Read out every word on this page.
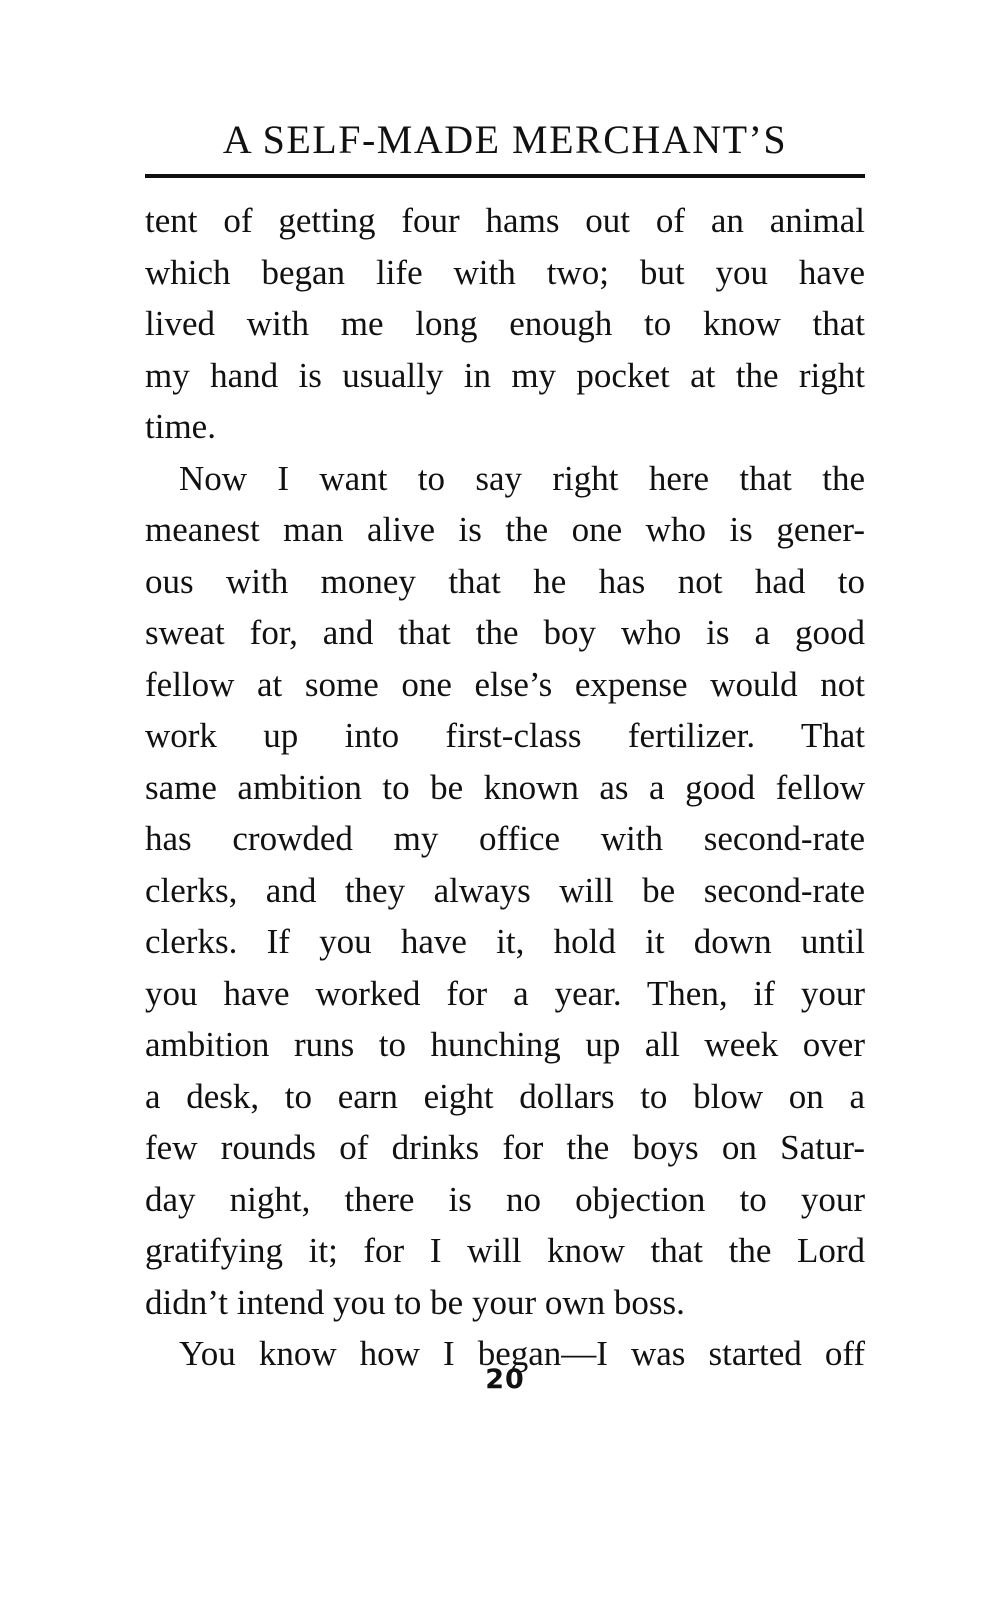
A SELF-MADE MERCHANT’S
tent of getting four hams out of an animal
which began life with two; but you have
lived with me long enough to know that
my hand is usually in my pocket at the right
time.
Now I want to say right here that the
meanest man alive is the one who is gener-
ous with money that he has not had to
sweat for, and that the boy who is a good
fellow at some one else’s expense would not
work up into first-class fertilizer. That
same ambition to be known as a good fellow
has crowded my office with second-rate
clerks, and they always will be second-rate
clerks. If you have it, hold it down until
you have worked for a year. Then, if your
ambition runs to hunching up all week over
a desk, to earn eight dollars to blow on a
few rounds of drinks for the boys on Satur-
day night, there is no objection to your
gratifying it; for I will know that the Lord
didn’t intend you to be your own boss.
You know how I began—I was started off
20
